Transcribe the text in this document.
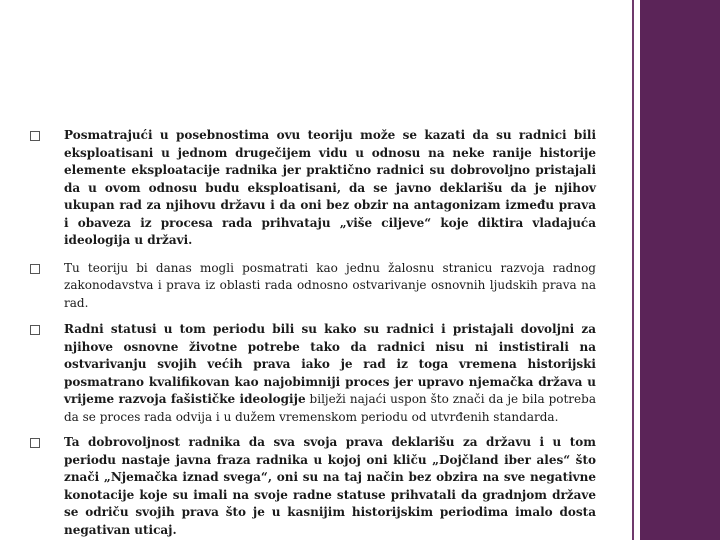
Posmatrajući u posebnostima ovu teoriju može se kazati da su radnici bili eksploatisani u jednom drugečijem vidu u odnosu na neke ranije historije elemente eksploatacije radnika jer praktično radnici su dobrovoljno pristajali da u ovom odnosu budu eksploatisani, da se javno deklarišu da je njihov ukupan rad za njihovu državu i da oni bez obzir na antagonizam između prava i obaveza iz procesa rada prihvataju „više ciljeve“ koje diktira vladajuća ideologija u državi.

Tu teoriju bi danas mogli posmatrati kao jednu žalosnu stranicu razvoja radnog zakonodavstva i prava iz oblasti rada odnosno ostvarivanje osnovnih ljudskih prava na rad.

Radni statusi u tom periodu bili su kako su radnici i pristajali dovoljni za njihove osnovne životne potrebe tako da radnici nisu ni instistirali na ostvarivanju svojih većih prava iako je rad iz toga vremena historijski posmatrano kvalifikovan kao najobimniji proces jer upravo njemačka država u vrijeme razvoja fašističke ideologije bilježi najaći uspon što znači da je bila potreba da se proces rada odvija i u dužem vremenskom periodu od utvrđenih standarda.

Ta dobrovoljnost radnika da sva svoja prava deklarišu za državu i u tom periodu nastaje javna fraza radnika u kojoj oni kliču „Dojčland iber ales“ što znači „Njemačka iznad svega“, oni su na taj način bez obzira na sve negativne konotacije koje su imali na svoje radne statuse prihvatali da gradnjom države se odriču svojih prava što je u kasnijim historijskim periodima imalo dosta negativan uticaj.
